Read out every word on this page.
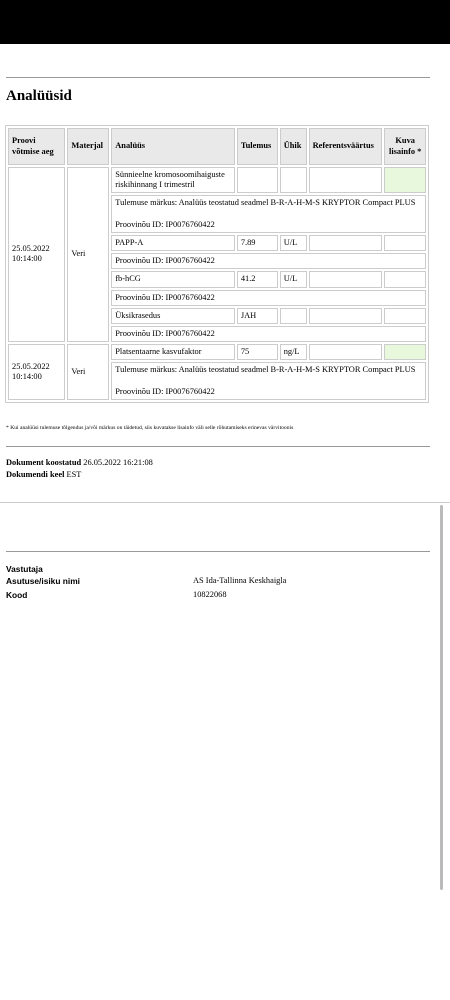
Analüüsid
Proovi võtmise aeg	Materjal	Analüüs	Tulemus	Ühik	Referentsväärtus	Kuva lisainfo *
25.05.2022 10:14:00	Veri	Sünnieelne kromosoomihaiguste riskihinnang I trimestril				

		Tulemuse märkus: Analüüs teostatud seadmel B-R-A-H-M-S KRYPTOR Compact PLUS

Proovinõu ID: IP0076760422				
		PAPP-A	7.89	U/L		
		Proovinõu ID: IP0076760422				
		fb-hCG	41.2	U/L		
		Proovinõu ID: IP0076760422				
		Üksikrasedus	JAH			
		Proovinõu ID: IP0076760422				
25.05.2022 10:14:00	Veri	Platsentaarne kasvufaktor	75	ng/L		

		Tulemuse märkus: Analüüs teostatud seadmel B-R-A-H-M-S KRYPTOR Compact PLUS

Proovinõu ID: IP0076760422				
* Kui analüüsi tulemuse tõlgendus ja/või märkus on täidetud, siis kuvatakse lisainfo väli selle rõhutamiseks erinevas värvitoonis
Dokument koostatud 26.05.2022 16:21:08
Dokumendi keel EST
Vastutaja
Asutuse/isiku nimi	AS Ida-Tallinna Keskhaigla
Kood	10822068
